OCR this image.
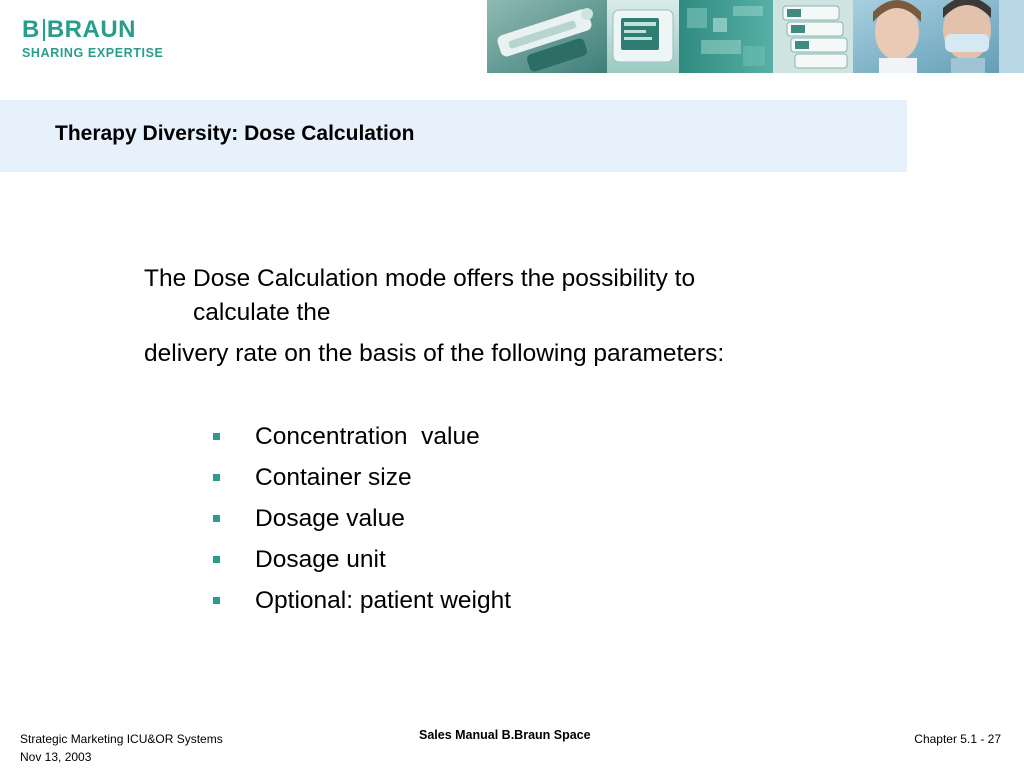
B BRAUN
SHARING EXPERTISE
Therapy Diversity: Dose Calculation
The Dose Calculation mode offers the possibility to
calculate the
delivery rate on the basis of the following parameters:
Concentration  value
Container size
Dosage value
Dosage unit
Optional: patient weight
Strategic Marketing ICU&OR Systems
Nov 13, 2003
Sales Manual B.Braun Space	Chapter 5.1 - 27
